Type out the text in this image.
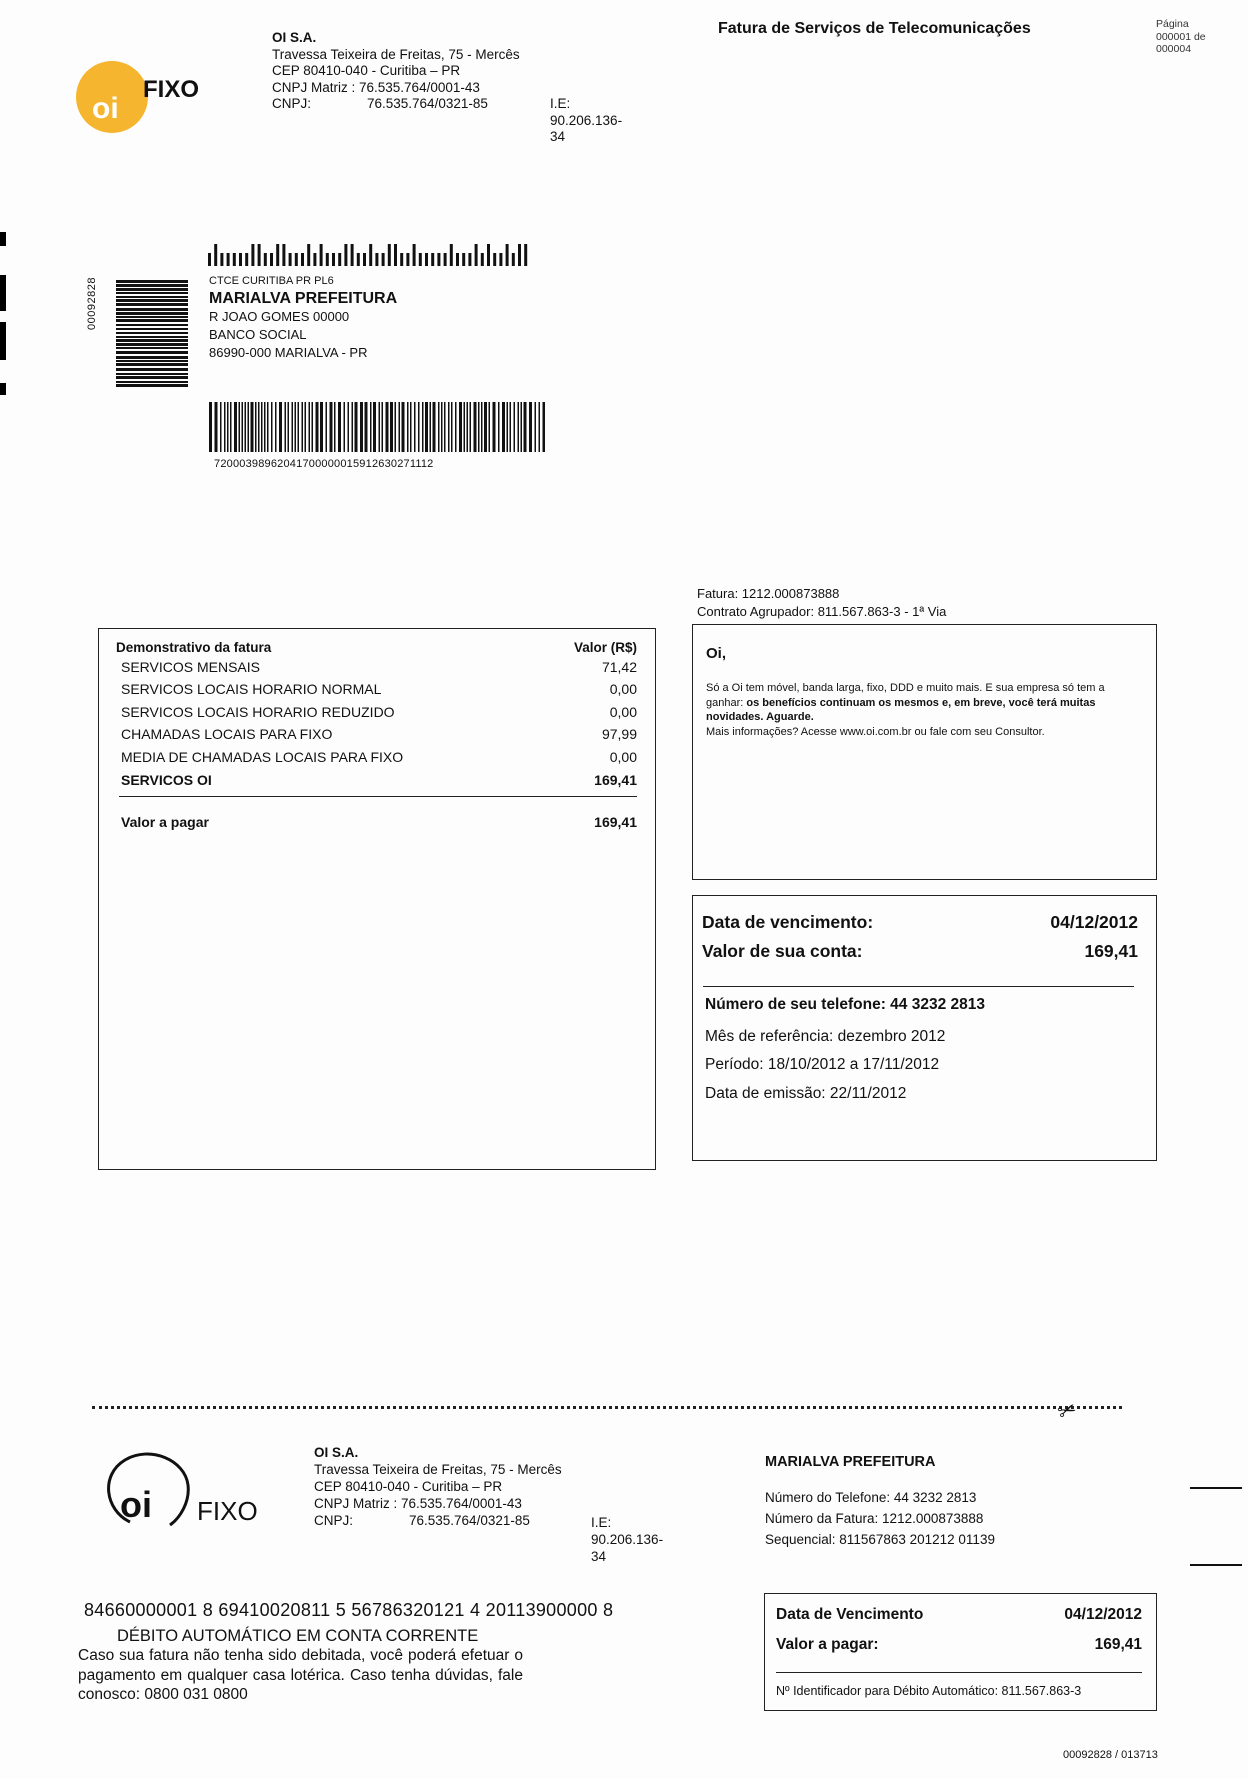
oi
FIXO
OI S.A.
Travessa Teixeira de Freitas, 75 - Mercês
CEP 80410-040 - Curitiba – PR
CNPJ Matriz : 76.535.764/0001-43
CNPJ:	76.535.764/0321-85	I.E: 90.206.136-34
Fatura de Serviços de Telecomunicações	Página
000001 de
000004
00092828	CTCE CURITIBA PR PL6
MARIALVA PREFEITURA
R JOAO GOMES 00000
BANCO SOCIAL
86990-000 MARIALVA - PR
72000398962041700000015912630271112
Fatura: 1212.000873888
Contrato Agrupador: 811.567.863-3 - 1ª Via
Demonstrativo da fatura	Valor (R$)
SERVICOS MENSAIS	71,42
SERVICOS LOCAIS HORARIO NORMAL	0,00
SERVICOS LOCAIS HORARIO REDUZIDO	0,00
CHAMADAS LOCAIS PARA FIXO	97,99
MEDIA DE CHAMADAS LOCAIS PARA FIXO	0,00
SERVICOS OI	169,41
Valor a pagar	169,41
Oi,
Só a Oi tem móvel, banda larga, fixo, DDD e muito mais. E sua empresa só tem a ganhar: os benefícios continuam os mesmos e, em breve, você terá muitas novidades. Aguarde.
Mais informações? Acesse www.oi.com.br ou fale com seu Consultor.
Data de vencimento:	04/12/2012
Valor de sua conta:	169,41
Número de seu telefone: 44 3232 2813
Mês de referência: dezembro 2012
Período: 18/10/2012 a 17/11/2012
Data de emissão: 22/11/2012
✂
oi FIXO
OI S.A.
Travessa Teixeira de Freitas, 75 - Mercês
CEP 80410-040 - Curitiba – PR
CNPJ Matriz : 76.535.764/0001-43
CNPJ:	76.535.764/0321-85	I.E: 90.206.136-34
MARIALVA PREFEITURA
Número do Telefone: 44 3232 2813
Número da Fatura: 1212.000873888
Sequencial: 811567863 201212 01139
84660000001 8 69410020811 5 56786320121 4 20113900000 8
DÉBITO AUTOMÁTICO EM CONTA CORRENTE
Caso sua fatura não tenha sido debitada, você poderá efetuar o pagamento em qualquer casa lotérica. Caso tenha dúvidas, fale conosco: 0800 031 0800
Data de Vencimento	04/12/2012
Valor a pagar:	169,41
Nº Identificador para Débito Automático: 811.567.863-3
00092828 / 013713
